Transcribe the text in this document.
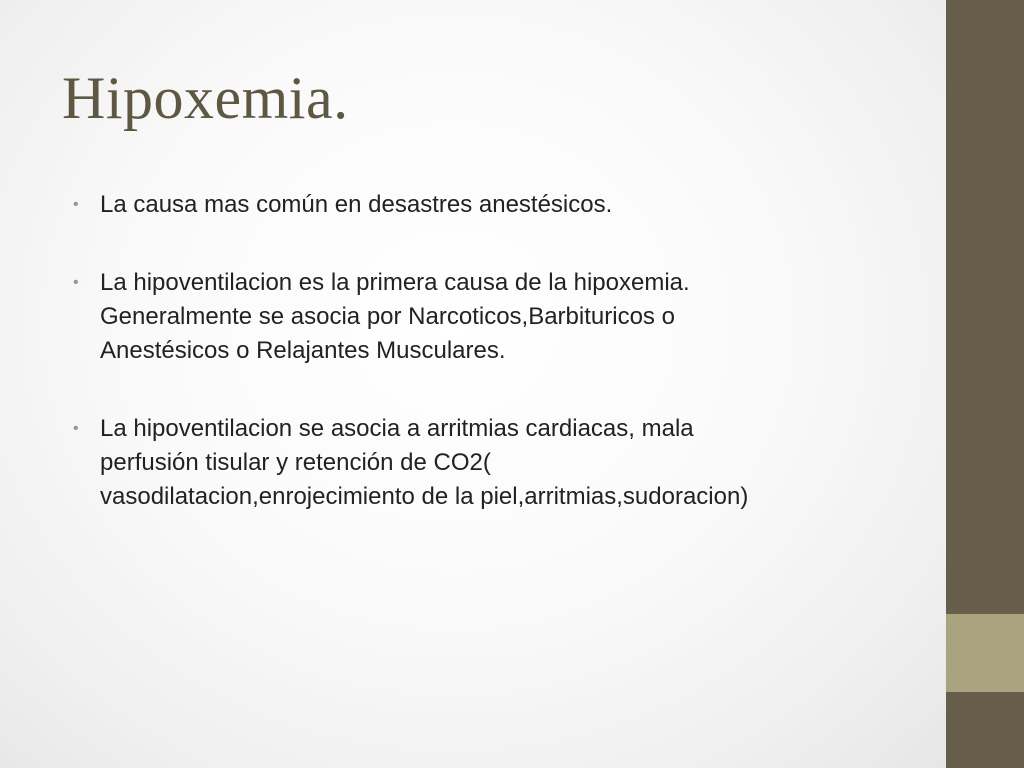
Hipoxemia.
• La causa mas común en desastres anestésicos.
• La hipoventilacion es la primera causa de la hipoxemia.
Generalmente se asocia por Narcoticos,Barbituricos o
Anestésicos o Relajantes Musculares.
• La hipoventilacion se asocia a arritmias cardiacas, mala
perfusión tisular y retención de CO2(
vasodilatacion,enrojecimiento de la piel,arritmias,sudoracion)
